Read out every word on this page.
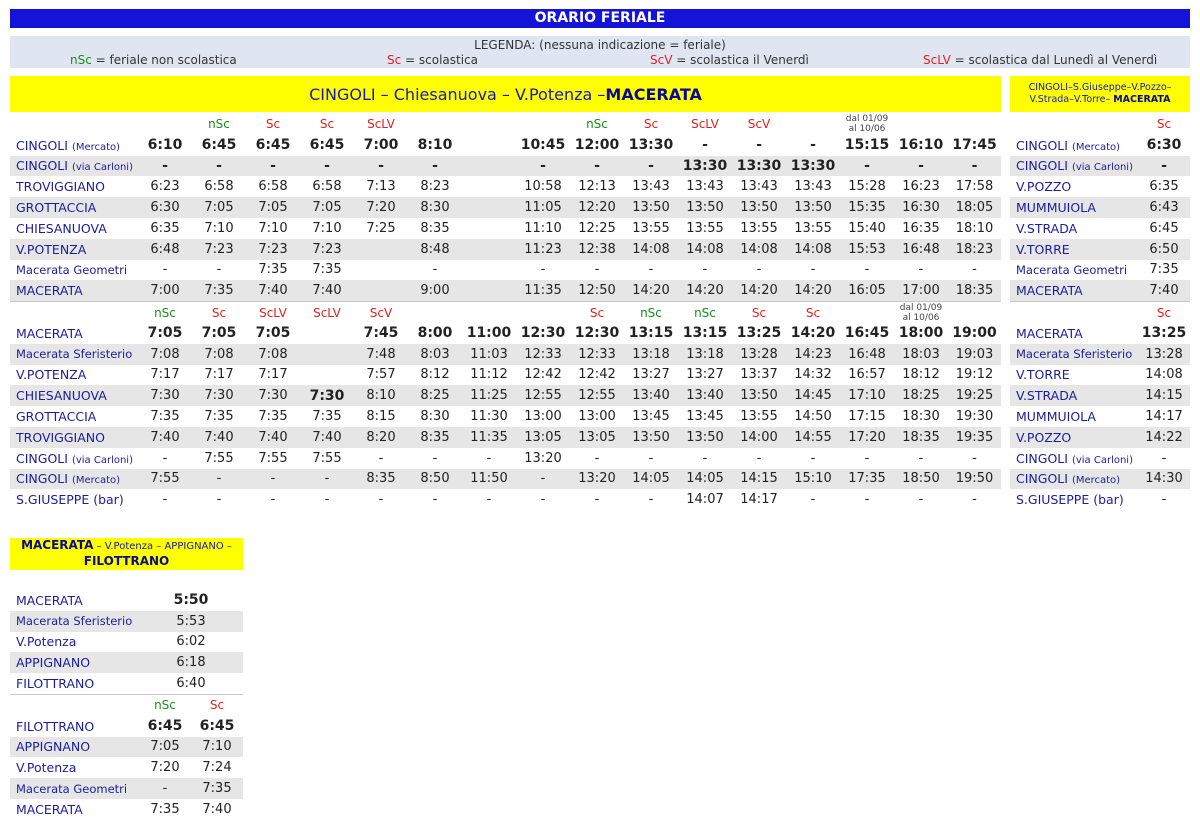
ORARIO FERIALE
LEGENDA: (nessuna indicazione = feriale)
nSc = feriale non scolastica	Sc = scolastica	ScV = scolastica il Venerdì	ScLV = scolastica dal Lunedì al Venerdì
CINGOLI – Chiesanuova – V.Potenza – MACERATA
		nSc	Sc	Sc	ScLV				nSc	Sc	ScLV	ScV		dal 01/09
al 10/06		
CINGOLI (Mercato)	6:10	6:45	6:45	6:45	7:00	8:10		10:45	12:00	13:30	-	-	-	15:15	16:10	17:45
CINGOLI (via Carloni)	-	-	-	-	-	-		-	-	-	13:30	13:30	13:30	-	-	-
TROVIGGIANO	6:23	6:58	6:58	6:58	7:13	8:23		10:58	12:13	13:43	13:43	13:43	13:43	15:28	16:23	17:58
GROTTACCIA	6:30	7:05	7:05	7:05	7:20	8:30		11:05	12:20	13:50	13:50	13:50	13:50	15:35	16:30	18:05
CHIESANUOVA	6:35	7:10	7:10	7:10	7:25	8:35		11:10	12:25	13:55	13:55	13:55	13:55	15:40	16:35	18:10
V.POTENZA	6:48	7:23	7:23	7:23		8:48		11:23	12:38	14:08	14:08	14:08	14:08	15:53	16:48	18:23
Macerata Geometri	-	-	7:35	7:35		-		-	-	-	-	-	-	-	-	-
MACERATA	7:00	7:35	7:40	7:40		9:00		11:35	12:50	14:20	14:20	14:20	14:20	16:05	17:00	18:35
	nSc	Sc	ScLV	ScLV	ScV				Sc	nSc	nSc	Sc	Sc		dal 01/09
al 10/06	
MACERATA	7:05	7:05	7:05		7:45	8:00	11:00	12:30	12:30	13:15	13:15	13:25	14:20	16:45	18:00	19:00
Macerata Sferisterio	7:08	7:08	7:08		7:48	8:03	11:03	12:33	12:33	13:18	13:18	13:28	14:23	16:48	18:03	19:03
V.POTENZA	7:17	7:17	7:17		7:57	8:12	11:12	12:42	12:42	13:27	13:27	13:37	14:32	16:57	18:12	19:12
CHIESANUOVA	7:30	7:30	7:30	7:30	8:10	8:25	11:25	12:55	12:55	13:40	13:40	13:50	14:45	17:10	18:25	19:25
GROTTACCIA	7:35	7:35	7:35	7:35	8:15	8:30	11:30	13:00	13:00	13:45	13:45	13:55	14:50	17:15	18:30	19:30
TROVIGGIANO	7:40	7:40	7:40	7:40	8:20	8:35	11:35	13:05	13:05	13:50	13:50	14:00	14:55	17:20	18:35	19:35
CINGOLI (via Carloni)	-	7:55	7:55	7:55	-	-	-	13:20	-	-	-	-	-	-	-	-
CINGOLI (Mercato)	7:55	-	-	-	8:35	8:50	11:50	-	13:20	14:05	14:05	14:15	15:10	17:35	18:50	19:50
S.GIUSEPPE (bar)	-	-	-	-	-	-	-	-	-	-	14:07	14:17	-	-	-	-
CINGOLI–S.Giuseppe–V.Pozzo–V.Strada–V.Torre– MACERATA
	Sc
CINGOLI (Mercato)	6:30
CINGOLI (via Carloni)	-
V.POZZO	6:35
MUMMUIOLA	6:43
V.STRADA	6:45
V.TORRE	6:50
Macerata Geometri	7:35
MACERATA	7:40
	Sc
MACERATA	13:25
Macerata Sferisterio	13:28
V.TORRE	14:08
V.STRADA	14:15
MUMMUIOLA	14:17
V.POZZO	14:22
CINGOLI (via Carloni)	-
CINGOLI (Mercato)	14:30
S.GIUSEPPE (bar)	-
MACERATA – V.Potenza – APPIGNANO – FILOTTRANO
MACERATA	5:50	
Macerata Sferisterio	5:53	
V.Potenza	6:02	
APPIGNANO	6:18	
FILOTTRANO	6:40	
	nSc	Sc
FILOTTRANO	6:45	6:45
APPIGNANO	7:05	7:10
V.Potenza	7:20	7:24
Macerata Geometri	-	7:35
MACERATA	7:35	7:40
